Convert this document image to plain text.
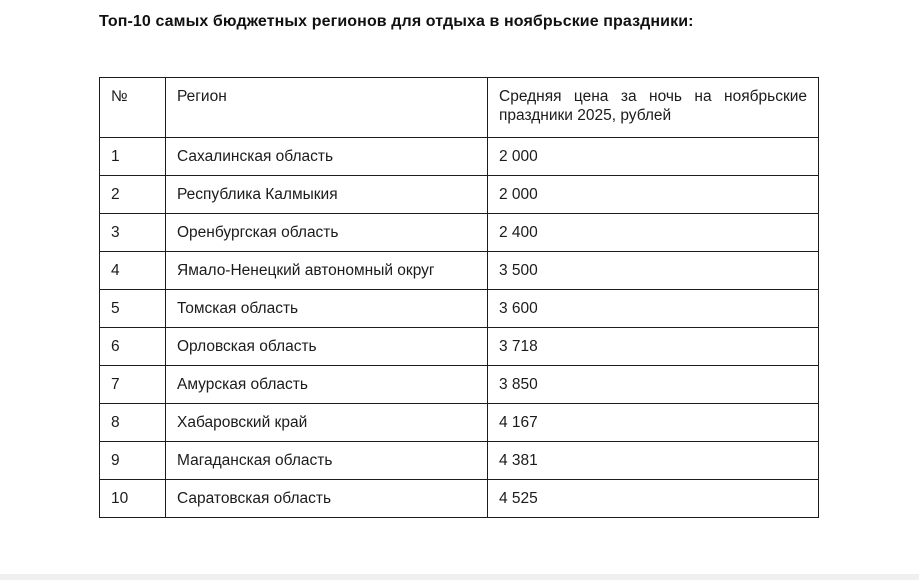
Топ-10 самых бюджетных регионов для отдыха в ноябрьские праздники:
№	Регион	Средняя цена за ночь на ноябрьские праздники 2025, рублей
1	Сахалинская область	2 000
2	Республика Калмыкия	2 000
3	Оренбургская область	2 400
4	Ямало-Ненецкий автономный округ	3 500
5	Томская область	3 600
6	Орловская область	3 718
7	Амурская область	3 850
8	Хабаровский край	4 167
9	Магаданская область	4 381
10	Саратовская область	4 525
